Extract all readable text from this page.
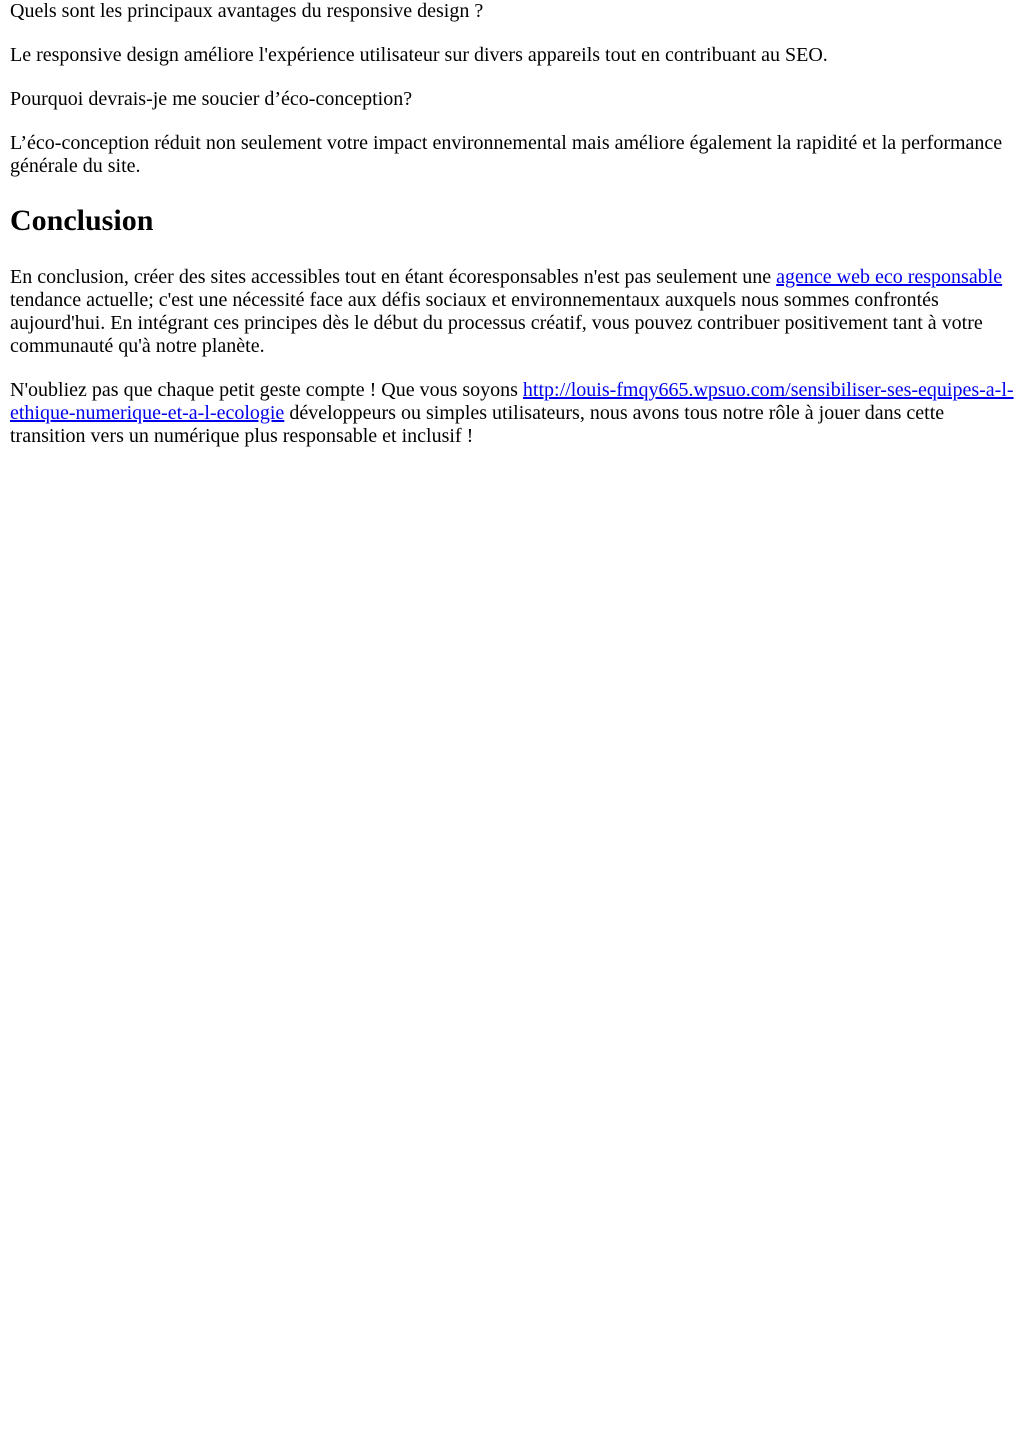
Quels sont les principaux avantages du responsive design ?

Le responsive design améliore l'expérience utilisateur sur divers appareils tout en contribuant au SEO.

Pourquoi devrais-je me soucier d’éco-conception?

L’éco-conception réduit non seulement votre impact environnemental mais améliore également la rapidité et la performance générale du site.

Conclusion

En conclusion, créer des sites accessibles tout en étant écoresponsables n'est pas seulement une agence web eco responsable tendance actuelle; c'est une nécessité face aux défis sociaux et environnementaux auxquels nous sommes confrontés aujourd'hui. En intégrant ces principes dès le début du processus créatif, vous pouvez contribuer positivement tant à votre communauté qu'à notre planète.

N'oubliez pas que chaque petit geste compte ! Que vous soyons http://louis-fmqy665.wpsuo.com/sensibiliser-ses-equipes-a-l-ethique-numerique-et-a-l-ecologie développeurs ou simples utilisateurs, nous avons tous notre rôle à jouer dans cette transition vers un numérique plus responsable et inclusif !
